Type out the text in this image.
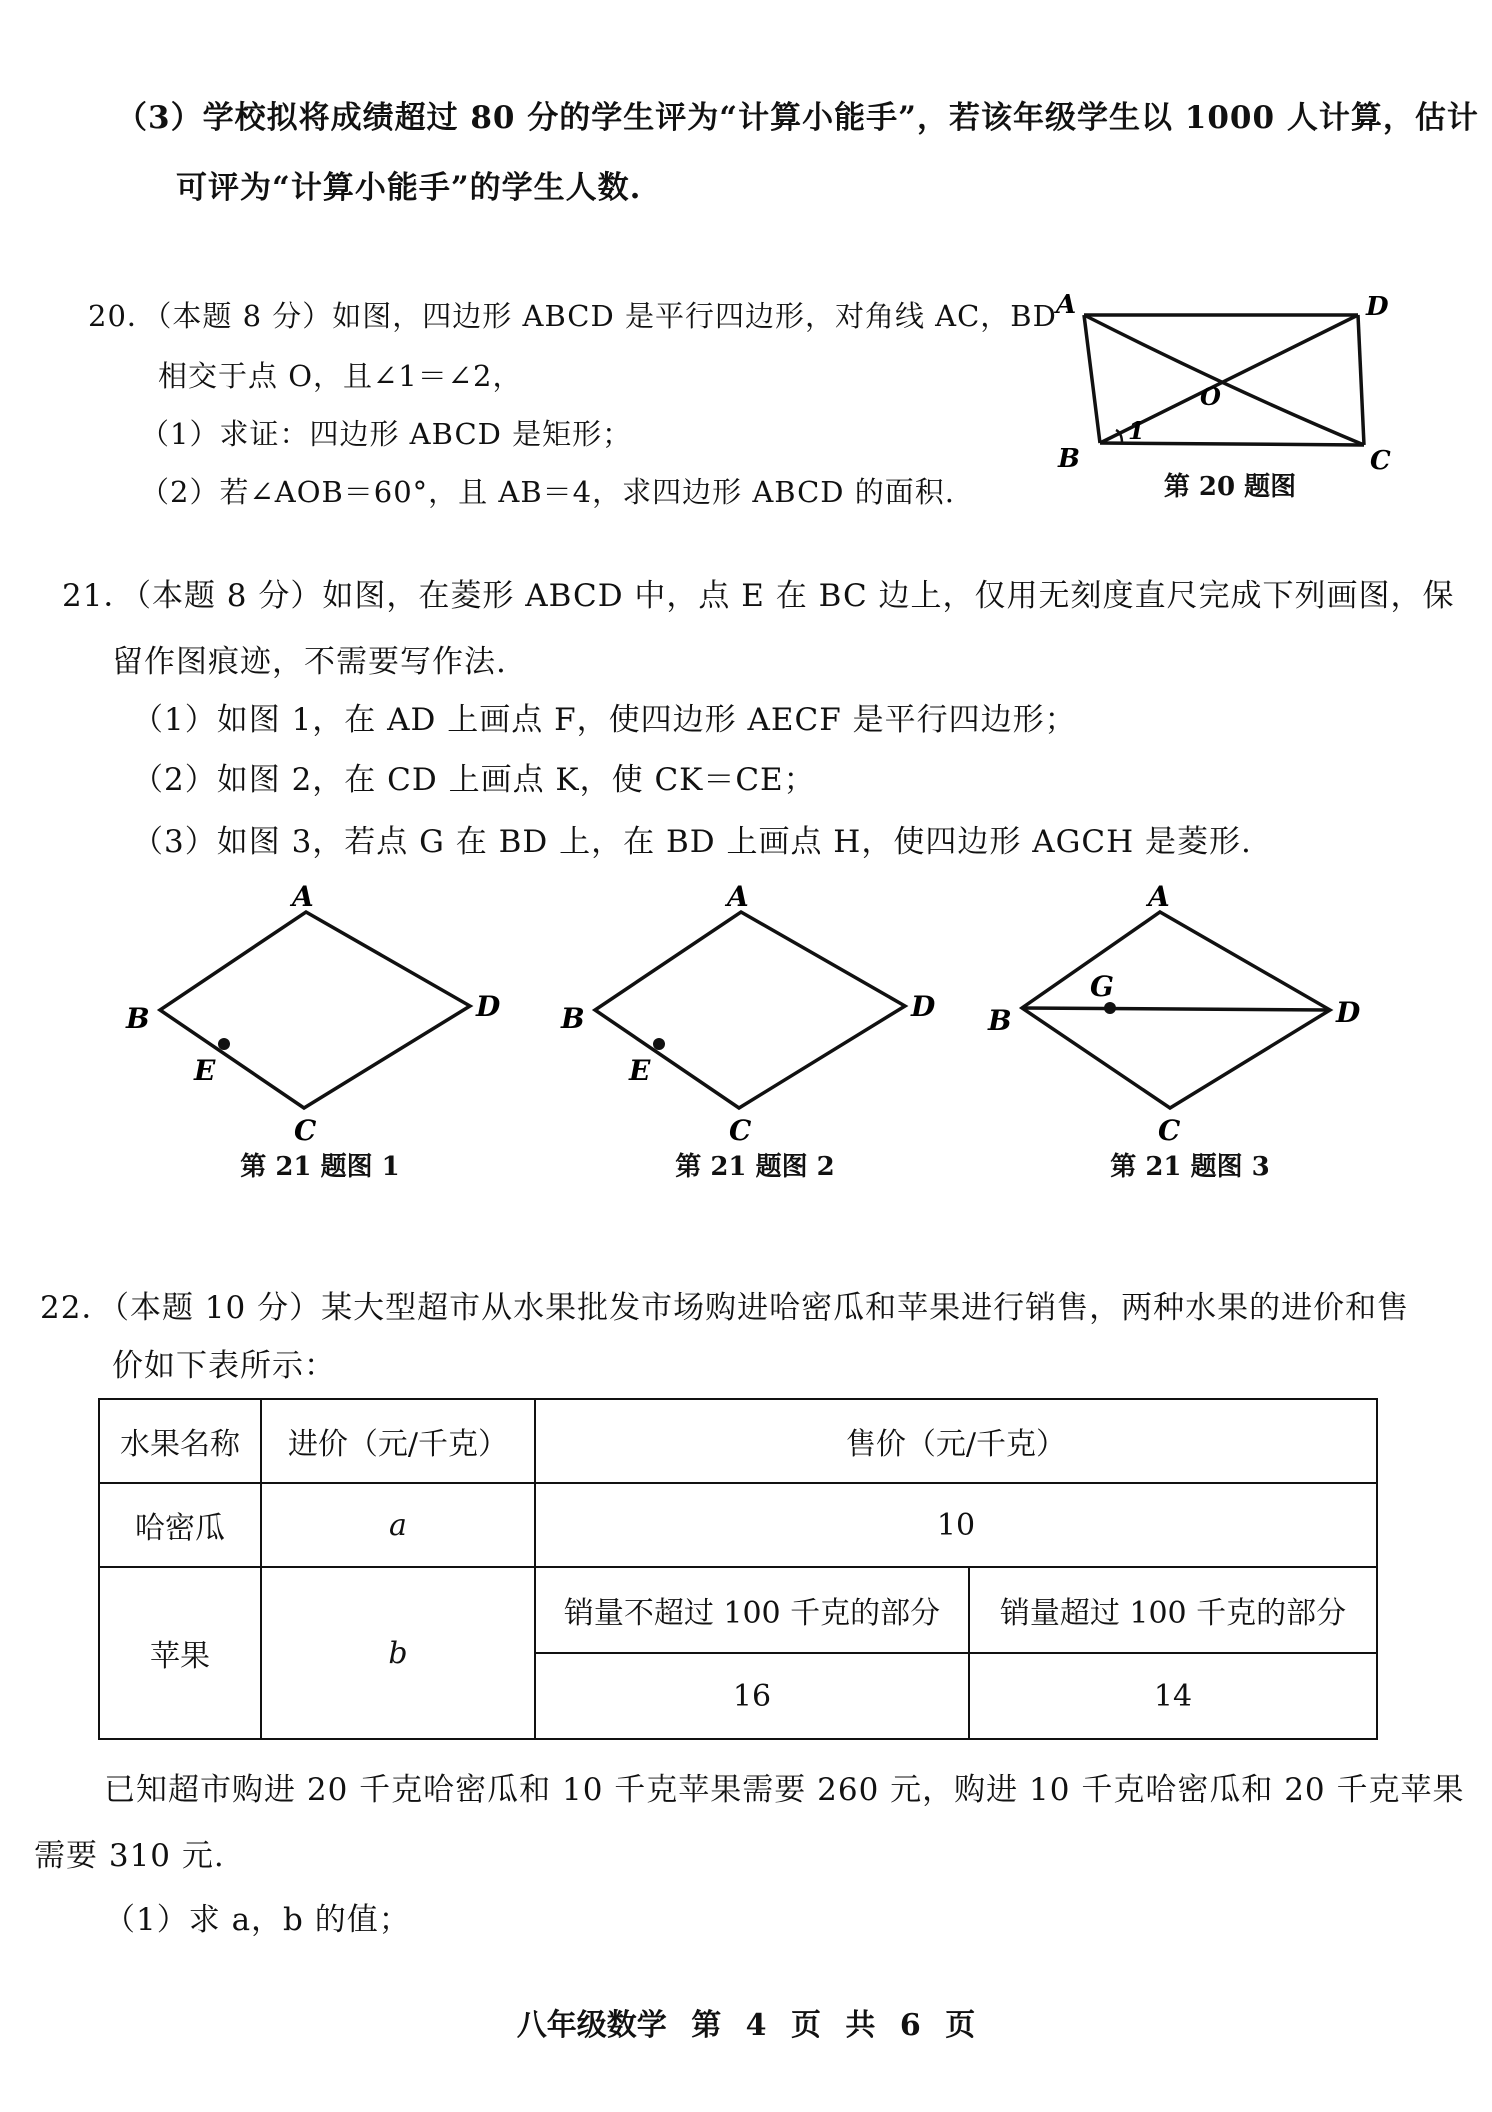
（3）学校拟将成绩超过 80 分的学生评为“计算小能手”，若该年级学生以 1000 人计算，估计
可评为“计算小能手”的学生人数.
20．（本题 8 分）如图，四边形 ABCD 是平行四边形，对角线 AC，BD
相交于点 O，且∠1＝∠2，
（1）求证：四边形 ABCD 是矩形；
（2）若∠AOB＝60°，且 AB＝4，求四边形 ABCD 的面积.
A	D
B	C
O
1
第 20 题图
21．（本题 8 分）如图，在菱形 ABCD 中，点 E 在 BC 边上，仅用无刻度直尺完成下列画图，保
留作图痕迹，不需要写作法.
（1）如图 1，在 AD 上画点 F，使四边形 AECF 是平行四边形；
（2）如图 2，在 CD 上画点 K，使 CK＝CE；
（3）如图 3，若点 G 在 BD 上，在 BD 上画点 H，使四边形 AGCH 是菱形.
A
B	D
E
C
第 21 题图 1
A
B	D
E
C
第 21 题图 2
A
B
G
D
C
第 21 题图 3
22．（本题 10 分）某大型超市从水果批发市场购进哈密瓜和苹果进行销售，两种水果的进价和售
价如下表所示：
水果名称	进价（元/千克）	售价（元/千克）	
哈密瓜	a	10	
苹果	b	销量不超过 100 千克的部分	销量超过 100 千克的部分
		16	14
已知超市购进 20 千克哈密瓜和 10 千克苹果需要 260 元，购进 10 千克哈密瓜和 20 千克苹果
需要 310 元.
（1）求 a，b 的值；
八年级数学 第 4 页 共 6 页
